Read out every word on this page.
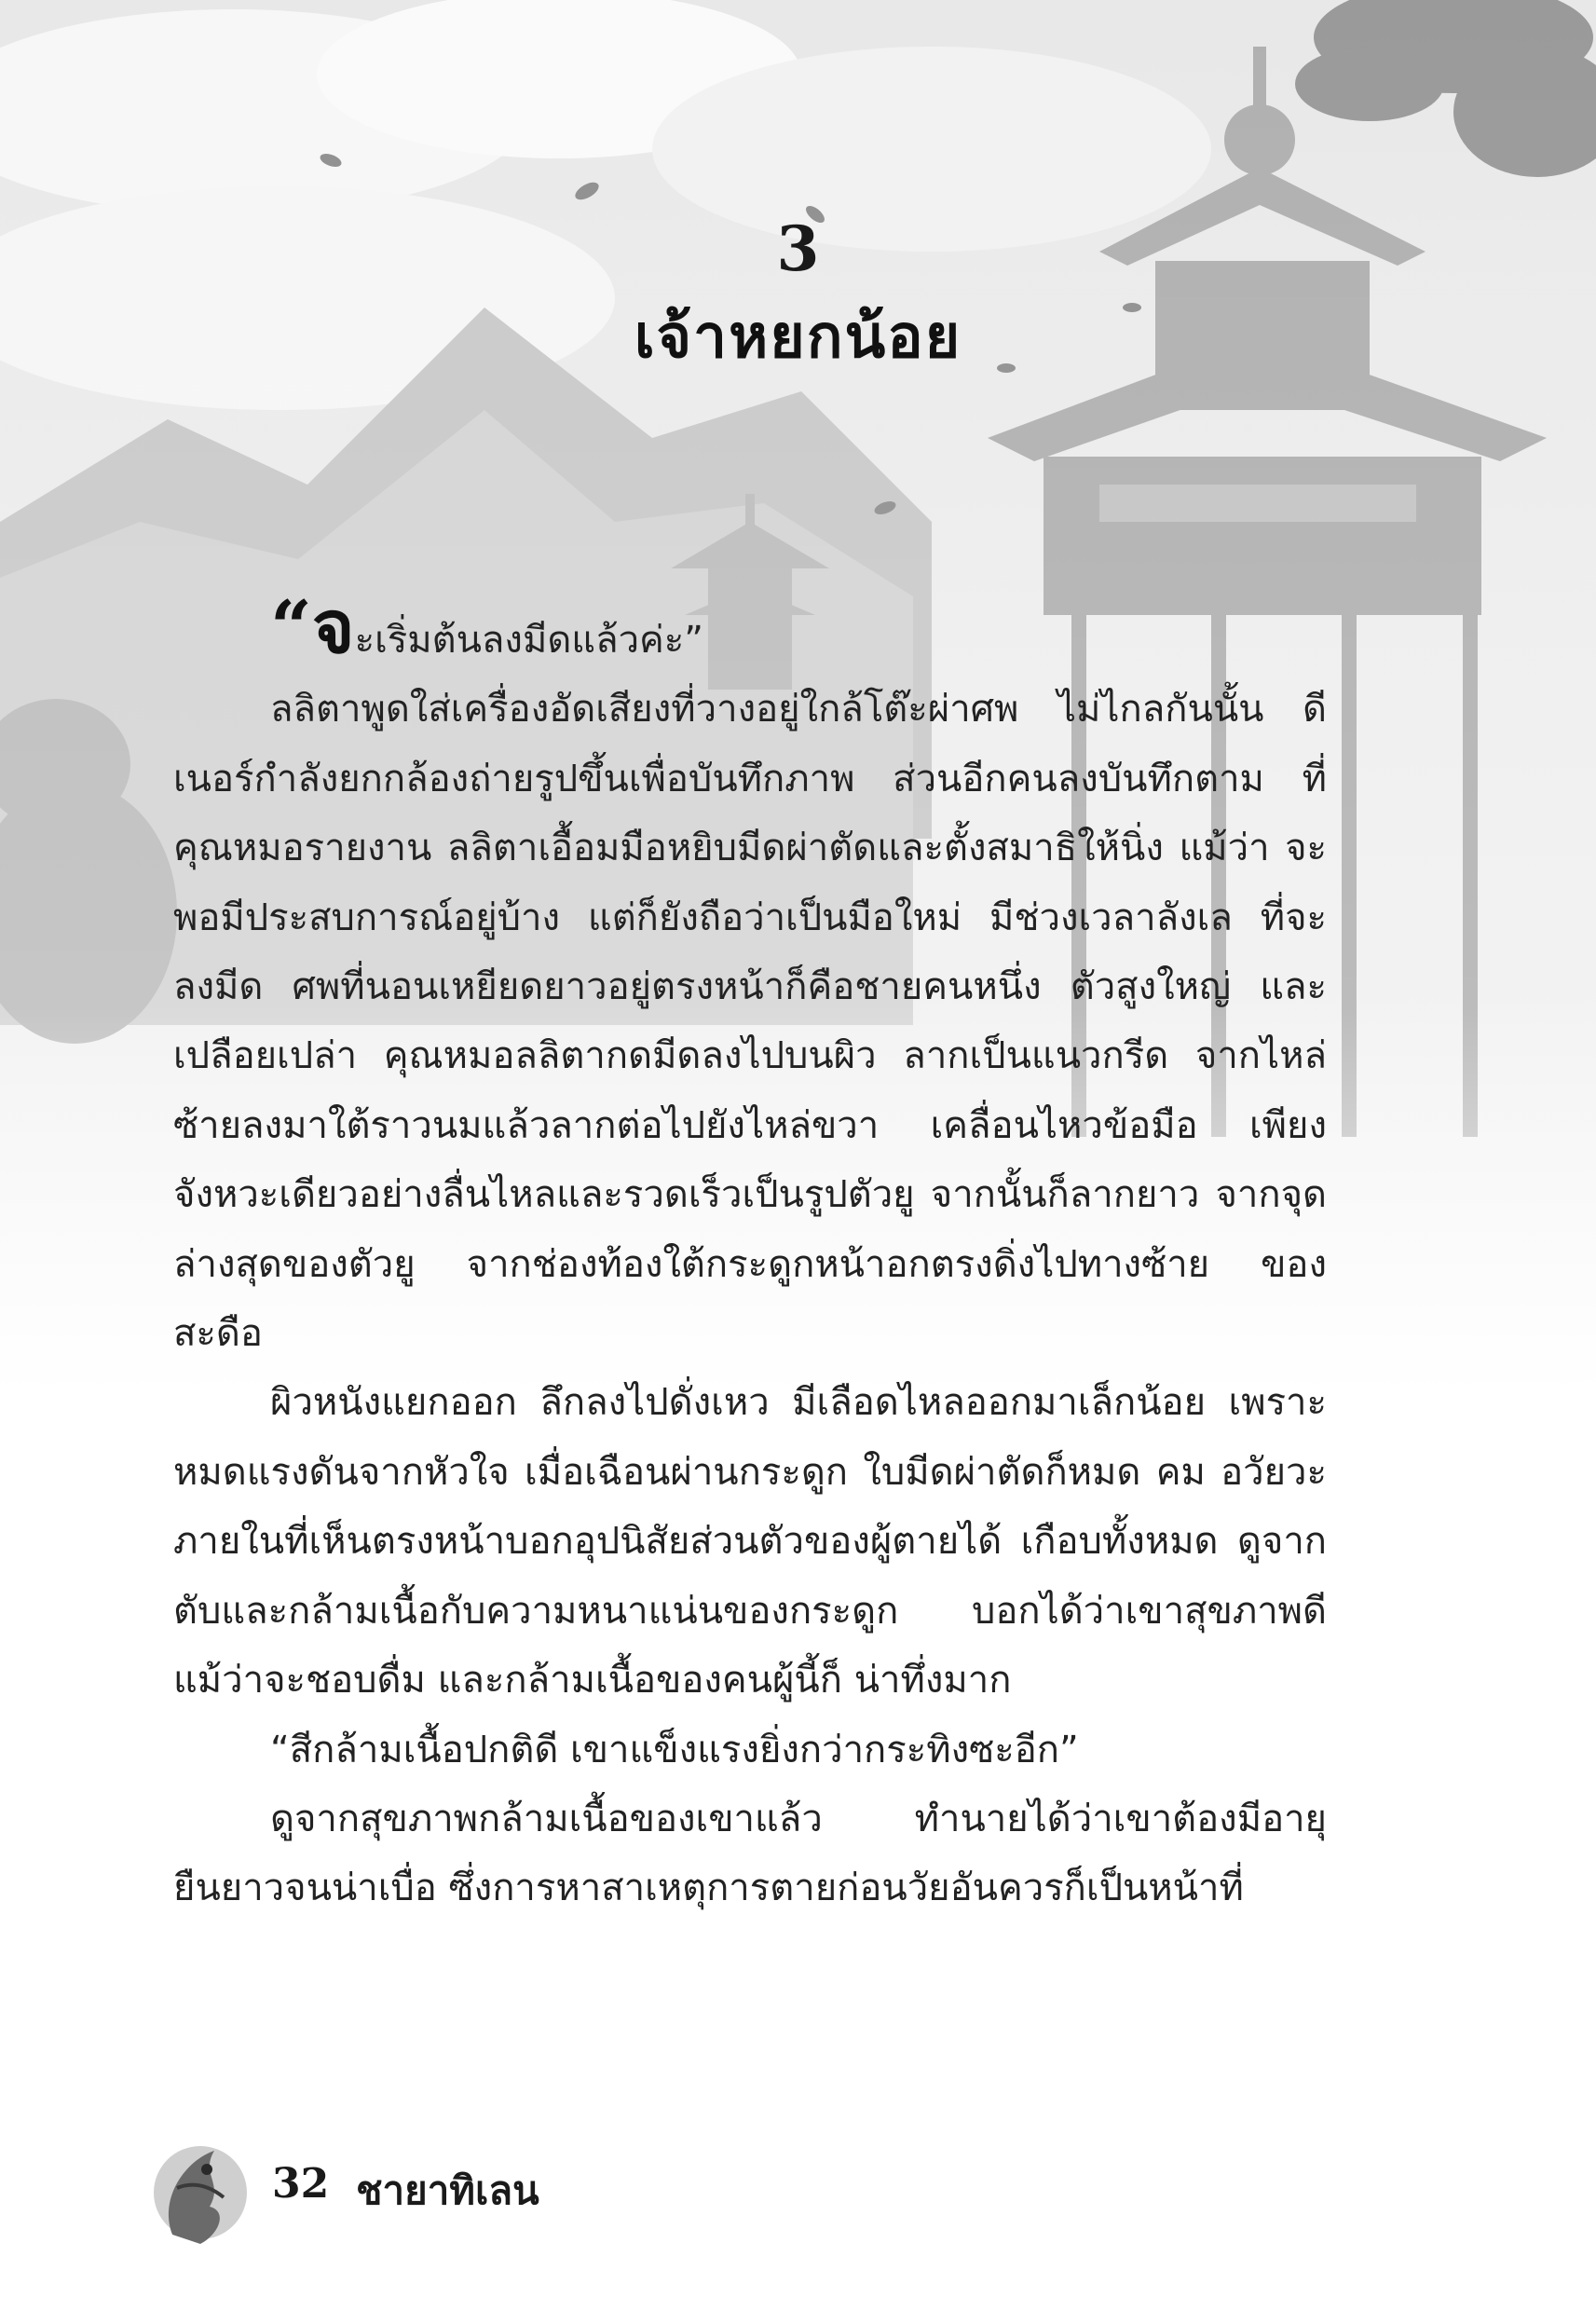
3
เจ้าหยกน้อย

“จะเริ่มต้นลงมีดแล้วค่ะ”

ลลิตาพูดใส่เครื่องอัดเสียงที่วางอยู่ใกล้โต๊ะผ่าศพ ไม่ไกลกันนั้น ดีเนอร์กำลังยกกล้องถ่ายรูปขึ้นเพื่อบันทึกภาพ ส่วนอีกคนลงบันทึกตาม ที่คุณหมอรายงาน ลลิตาเอื้อมมือหยิบมีดผ่าตัดและตั้งสมาธิให้นิ่ง แม้ว่า จะพอมีประสบการณ์อยู่บ้าง แต่ก็ยังถือว่าเป็นมือใหม่ มีช่วงเวลาลังเล ที่จะลงมีด ศพที่นอนเหยียดยาวอยู่ตรงหน้าก็คือชายคนหนึ่ง ตัวสูงใหญ่ และเปลือยเปล่า คุณหมอลลิตากดมีดลงไปบนผิว ลากเป็นแนวกรีด จากไหล่ซ้ายลงมาใต้ราวนมแล้วลากต่อไปยังไหล่ขวา เคลื่อนไหวข้อมือ เพียงจังหวะเดียวอย่างลื่นไหลและรวดเร็วเป็นรูปตัวยู จากนั้นก็ลากยาว จากจุดล่างสุดของตัวยู จากช่องท้องใต้กระดูกหน้าอกตรงดิ่งไปทางซ้าย ของสะดือ

ผิวหนังแยกออก ลึกลงไปดั่งเหว มีเลือดไหลออกมาเล็กน้อย เพราะหมดแรงดันจากหัวใจ เมื่อเฉือนผ่านกระดูก ใบมีดผ่าตัดก็หมด คม อวัยวะภายในที่เห็นตรงหน้าบอกอุปนิสัยส่วนตัวของผู้ตายได้ เกือบทั้งหมด ดูจากตับและกล้ามเนื้อกับความหนาแน่นของกระดูก บอกได้ว่าเขาสุขภาพดีแม้ว่าจะชอบดื่ม และกล้ามเนื้อของคนผู้นี้ก็ น่าทึ่งมาก

“สีกล้ามเนื้อปกติดี เขาแข็งแรงยิ่งกว่ากระทิงซะอีก”

ดูจากสุขภาพกล้ามเนื้อของเขาแล้ว ทำนายได้ว่าเขาต้องมีอายุ ยืนยาวจนน่าเบื่อ ซึ่งการหาสาเหตุการตายก่อนวัยอันควรก็เป็นหน้าที่

32 ชายาทิเลน
